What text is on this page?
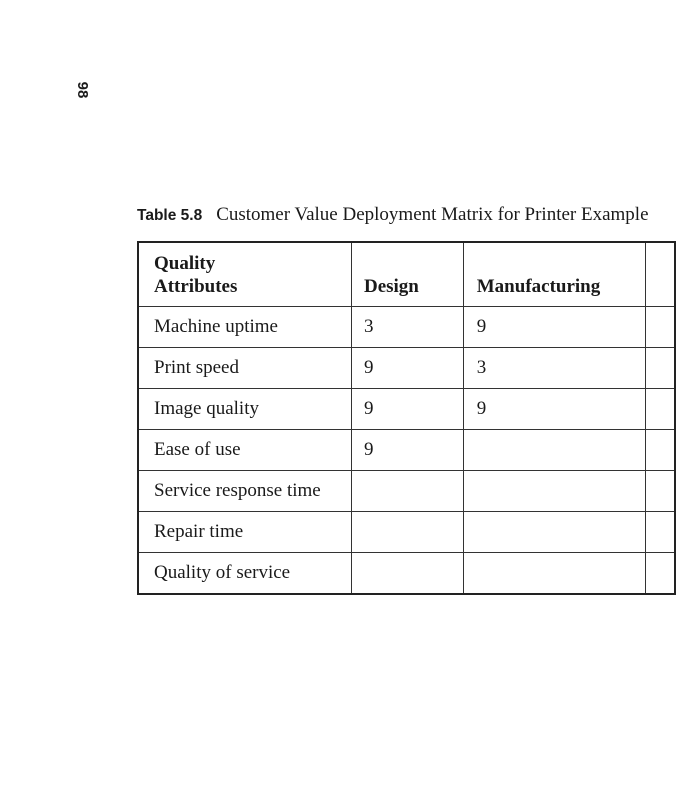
98
Table 5.8 Customer Value Deployment Matrix for Printer Example
Quality
Attributes	Design	Manufacturing	
Machine uptime	3	9	
Print speed	9	3	
Image quality	9	9	
Ease of use	9		
Service response time			
Repair time			
Quality of service			
